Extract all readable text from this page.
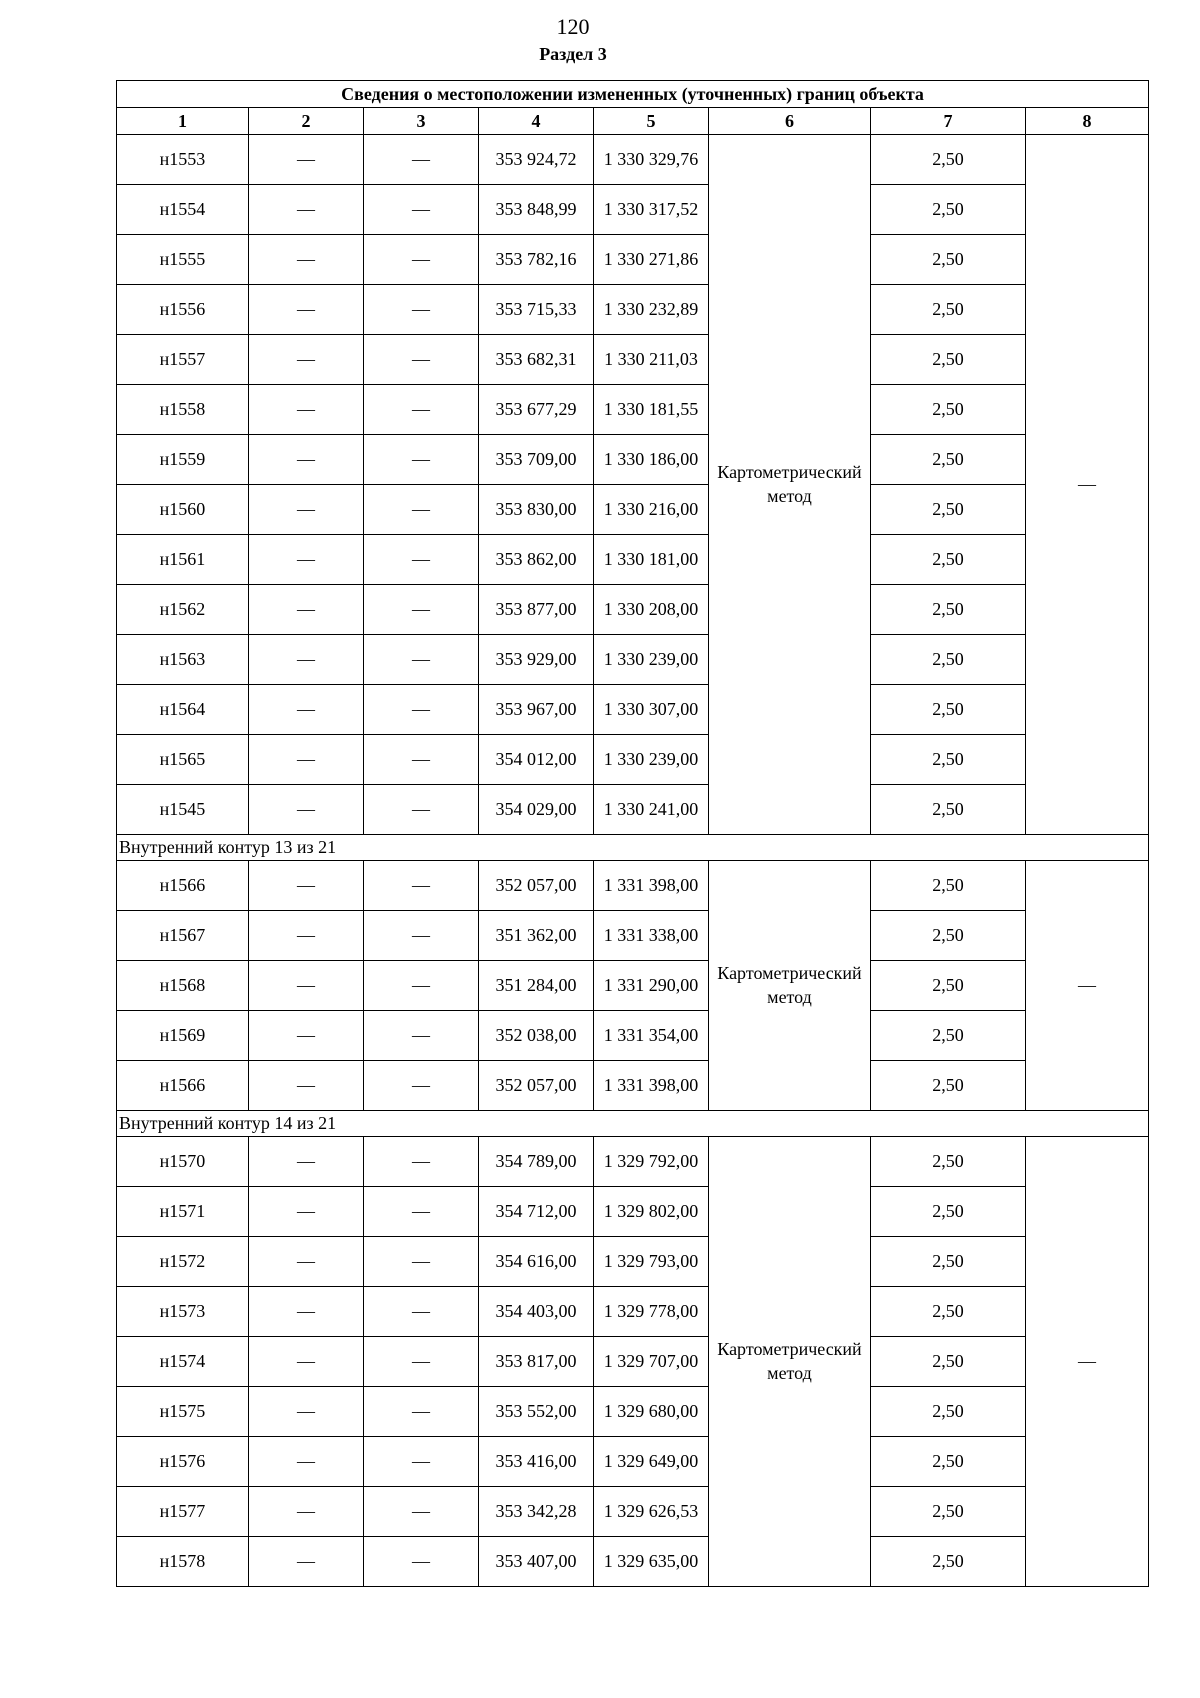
120
Раздел 3
Сведения о местоположении измененных (уточненных) границ объекта							
1	2	3	4	5	6	7	8
н1553	—	—	353 924,72	1 330 329,76	Картометрический метод	2,50	—
н1554	—	—	353 848,99	1 330 317,52		2,50	
н1555	—	—	353 782,16	1 330 271,86		2,50	
н1556	—	—	353 715,33	1 330 232,89		2,50	
н1557	—	—	353 682,31	1 330 211,03		2,50	
н1558	—	—	353 677,29	1 330 181,55		2,50	
н1559	—	—	353 709,00	1 330 186,00		2,50	
н1560	—	—	353 830,00	1 330 216,00		2,50	
н1561	—	—	353 862,00	1 330 181,00		2,50	
н1562	—	—	353 877,00	1 330 208,00		2,50	
н1563	—	—	353 929,00	1 330 239,00		2,50	
н1564	—	—	353 967,00	1 330 307,00		2,50	
н1565	—	—	354 012,00	1 330 239,00		2,50	
н1545	—	—	354 029,00	1 330 241,00		2,50	
Внутренний контур 13 из 21							
н1566	—	—	352 057,00	1 331 398,00	Картометрический метод	2,50	—
н1567	—	—	351 362,00	1 331 338,00		2,50	
н1568	—	—	351 284,00	1 331 290,00		2,50	
н1569	—	—	352 038,00	1 331 354,00		2,50	
н1566	—	—	352 057,00	1 331 398,00		2,50	
Внутренний контур 14 из 21							
н1570	—	—	354 789,00	1 329 792,00	Картометрический метод	2,50	—
н1571	—	—	354 712,00	1 329 802,00		2,50	
н1572	—	—	354 616,00	1 329 793,00		2,50	
н1573	—	—	354 403,00	1 329 778,00		2,50	
н1574	—	—	353 817,00	1 329 707,00		2,50	
н1575	—	—	353 552,00	1 329 680,00		2,50	
н1576	—	—	353 416,00	1 329 649,00		2,50	
н1577	—	—	353 342,28	1 329 626,53		2,50	
н1578	—	—	353 407,00	1 329 635,00		2,50	
